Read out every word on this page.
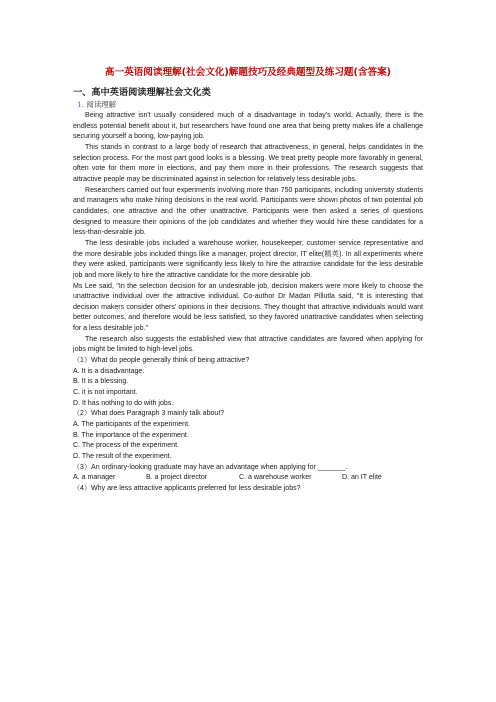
高一英语阅读理解(社会文化)解题技巧及经典题型及练习题(含答案)
一、高中英语阅读理解社会文化类
1. 阅读理解

Being attractive isn't usually considered much of a disadvantage in today's world. Actually, there is the endless potential benefit about it, but researchers have found one area that being pretty makes life a challenge securing yourself a boring, low-paying job.

This stands in contrast to a large body of research that attractiveness, in general, helps candidates in the selection process. For the most part good looks is a blessing. We treat pretty people more favorably in general, often vote for them more in elections, and pay them more in their professions. The research suggests that attractive people may be discriminated against in selection for relatively less desirable jobs.

Researchers carried out four experiments involving more than 750 participants, including university students and managers who make hiring decisions in the real world. Participants were shown photos of two potential job candidates, one attractive and the other unattractive. Participants were then asked a series of questions designed to measure their opinions of the job candidates and whether they would hire these candidates for a less-than-desirable job.

The less desirable jobs included a warehouse worker, housekeeper, customer service representative and the more desirable jobs included things like a manager, project director, IT elite(精英). In all experiments where they were asked, participants were significantly less likely to hire the attractive candidate for the less desirable job and more likely to hire the attractive candidate for the more desirable job.

Ms Lee said, "In the selection decision for an undesirable job, decision makers were more likely to choose the unattractive individual over the attractive individual. Co-author Dr Madan Pillutla said, "It is interesting that decision makers consider others' opinions in their decisions. They thought that attractive individuals would want better outcomes, and therefore would be less satisfied, so they favored unattractive candidates when selecting for a less desirable job."

The research also suggests the established view that attractive candidates are favored when applying for jobs might be limited to high-level jobs.

（1）What do people generally think of being attractive?

A. It is a disadvantage.

B. It is a blessing.

C. it is not important.

D. It has nothing to do with jobs.

（2）What does Paragraph 3 mainly talk about?

A. The participants of the experiment.

B. The importance of the experiment.

C. The process of the experiment.

D. The result of the experiment.

（3）An ordinary-looking graduate may have an advantage when applying for _______.

A. a manager	B. a project director	C. a warehouse worker	D. an IT elite

（4）Why are less attractive applicants preferred for less desirable jobs?
